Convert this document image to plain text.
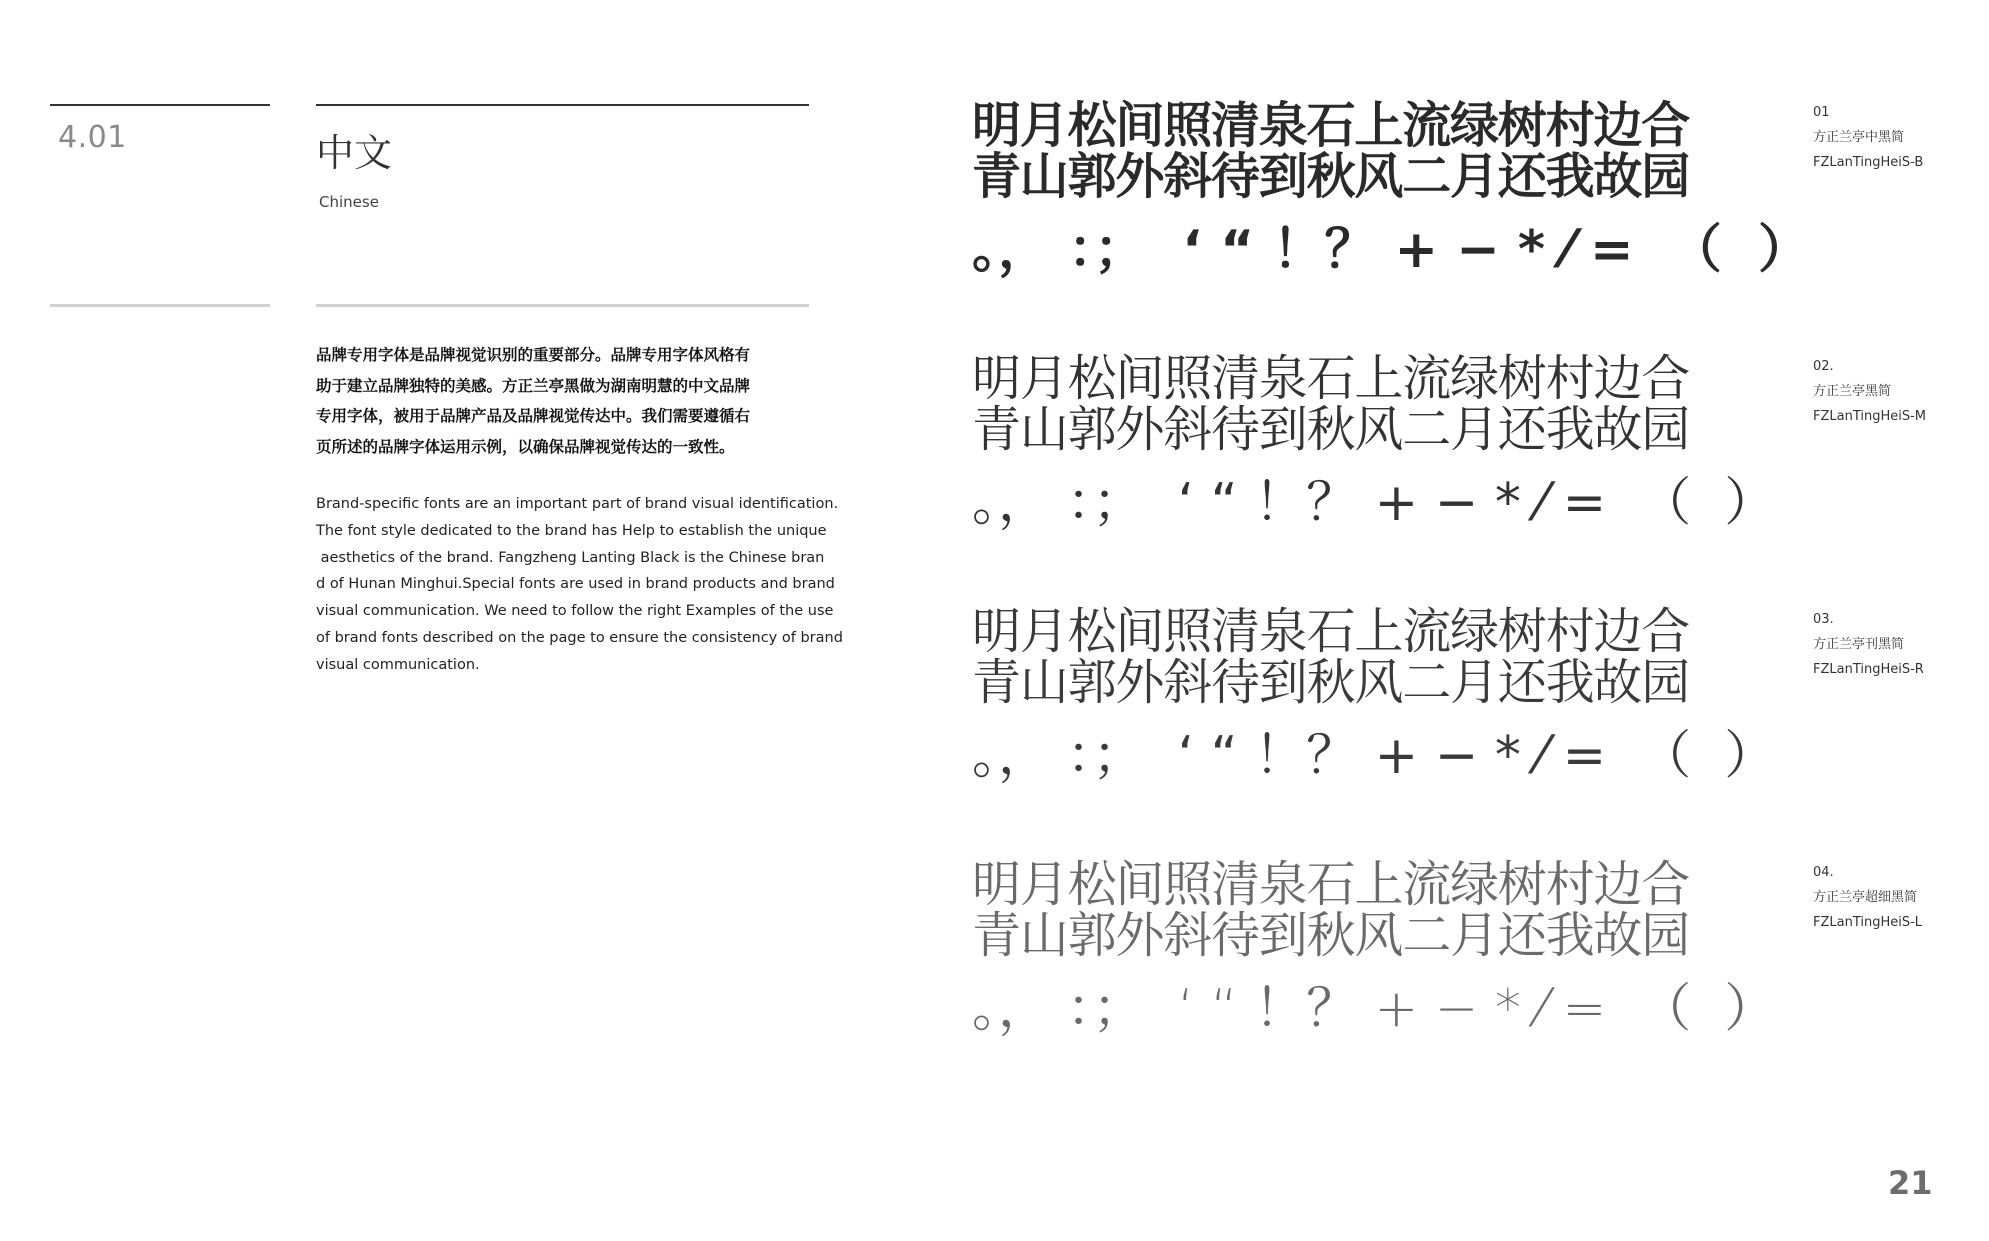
4.01	中文
Chinese

品牌专用字体是品牌视觉识别的重要部分。品牌专用字体风格有

助于建立品牌独特的美感。方正兰亭黑做为湖南明慧的中文品牌

专用字体，被用于品牌产品及品牌视觉传达中。我们需要遵循右

页所述的品牌字体运用示例，以确保品牌视觉传达的一致性。

Brand-specific fonts are an important part of brand visual identification.

The font style dedicated to the brand has Help to establish the unique

aesthetics of the brand. Fangzheng Lanting Black is the Chinese bran

d of Hunan Minghui.Special fonts are used in brand products and brand

visual communication. We need to follow the right Examples of the use

of brand fonts described on the page to ensure the consistency of brand

visual communication.

明月松间照清泉石上流绿树村边合
青山郭外斜待到秋风二月还我故园
。， ：；  ‘ “ ！？ + − * ⁄ =  （  ）
01
方正兰亭中黑简
FZLanTingHeiS-B
明月松间照清泉石上流绿树村边合
青山郭外斜待到秋风二月还我故园
。， ：；  ‘ “ ！？ + − * ⁄ =  （  ）
02.
方正兰亭黑简
FZLanTingHeiS-M
明月松间照清泉石上流绿树村边合
青山郭外斜待到秋风二月还我故园
。， ：；  ‘ “ ！？ + − * ⁄ =  （  ）
03.
方正兰亭刊黑简
FZLanTingHeiS-R
明月松间照清泉石上流绿树村边合
青山郭外斜待到秋风二月还我故园
。， ：；  ‘ “ ！？ + − * ⁄ =  （  ）
04.
方正兰亭超细黑简
FZLanTingHeiS-L
21
